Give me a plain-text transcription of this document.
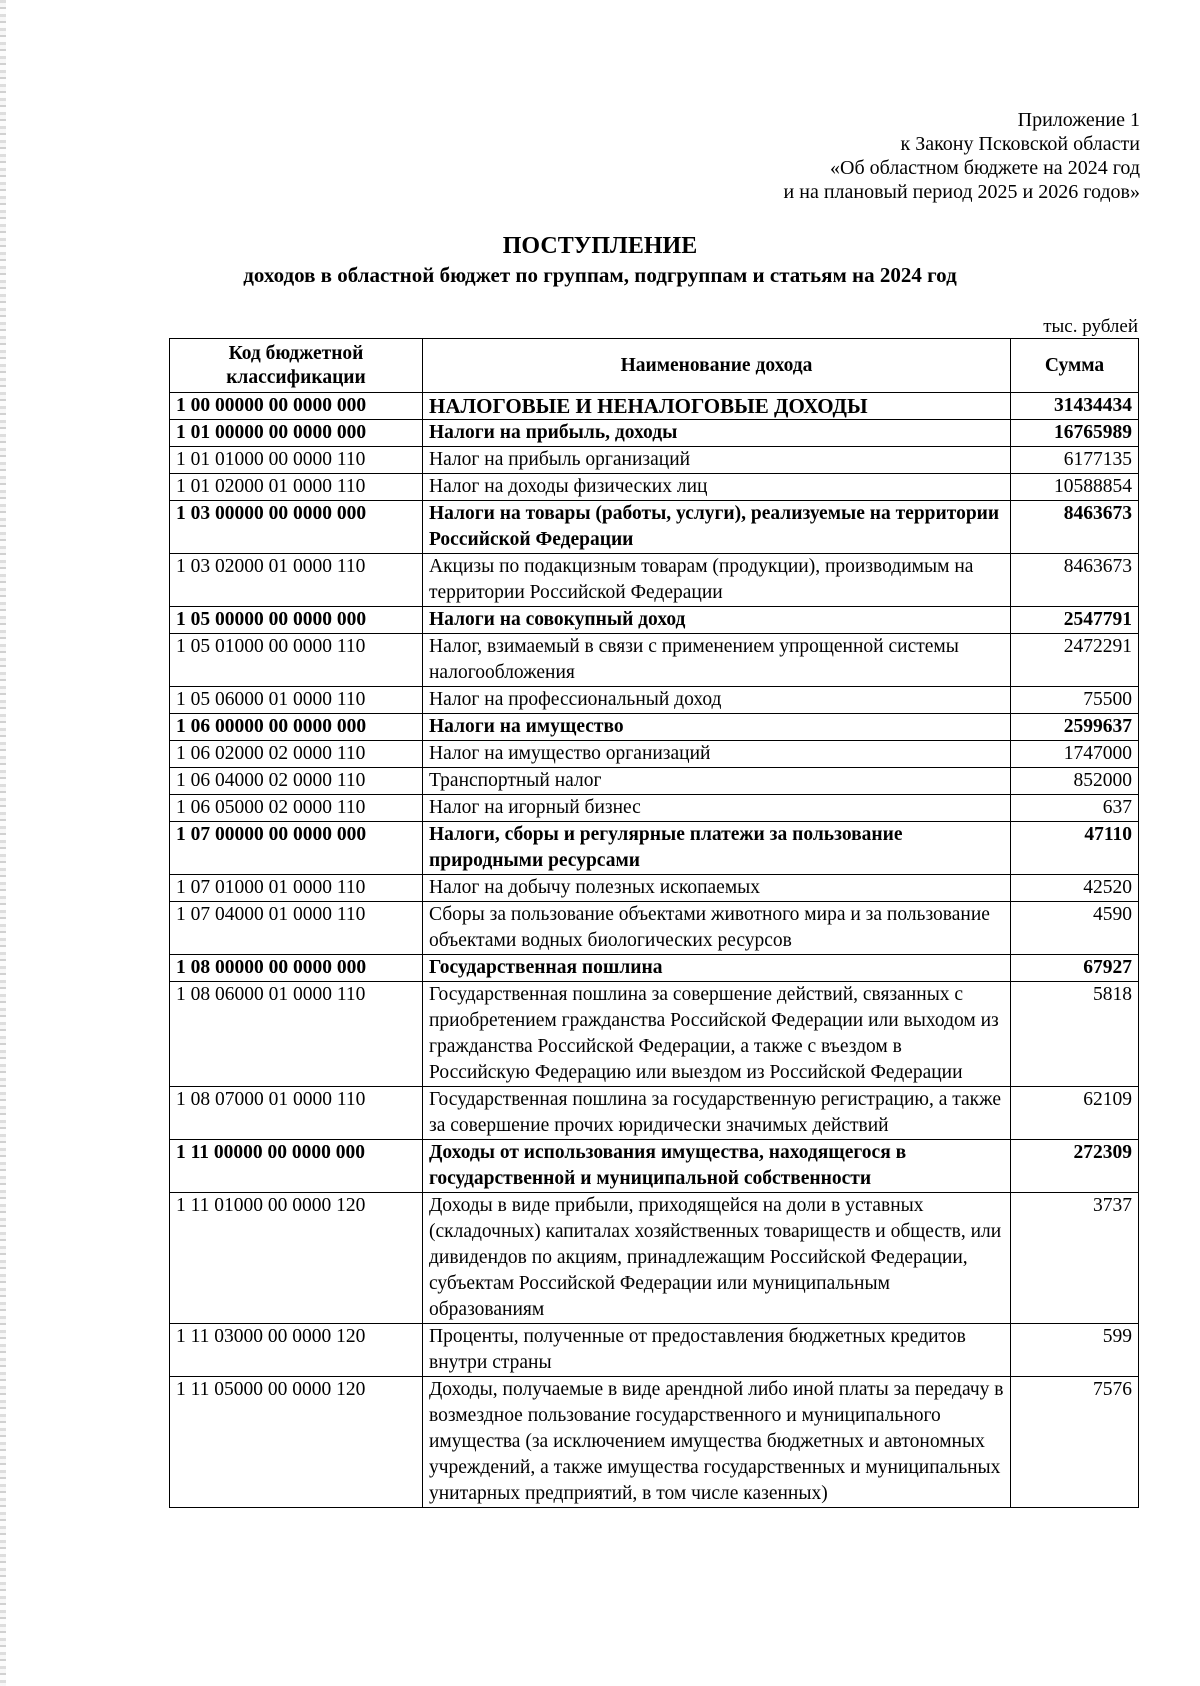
Приложение 1
к Закону Псковской области
«Об областном бюджете на 2024 год
и на плановый период 2025 и 2026 годов»
ПОСТУПЛЕНИЕ
доходов в областной бюджет по группам, подгруппам и статьям на 2024 год
тыс. рублей
Код бюджетной классификации	Наименование дохода	Сумма
1 00 00000 00 0000 000	НАЛОГОВЫЕ И НЕНАЛОГОВЫЕ ДОХОДЫ	31434434
1 01 00000 00 0000 000	Налоги на прибыль, доходы	16765989
1 01 01000 00 0000 110	Налог на прибыль организаций	6177135
1 01 02000 01 0000 110	Налог на доходы физических лиц	10588854
1 03 00000 00 0000 000	Налоги на товары (работы, услуги), реализуемые на территории Российской Федерации	8463673
1 03 02000 01 0000 110	Акцизы по подакцизным товарам (продукции), производимым на территории Российской Федерации	8463673
1 05 00000 00 0000 000	Налоги на совокупный доход	2547791
1 05 01000 00 0000 110	Налог, взимаемый в связи с применением упрощенной системы налогообложения	2472291
1 05 06000 01 0000 110	Налог на профессиональный доход	75500
1 06 00000 00 0000 000	Налоги на имущество	2599637
1 06 02000 02 0000 110	Налог на имущество организаций	1747000
1 06 04000 02 0000 110	Транспортный налог	852000
1 06 05000 02 0000 110	Налог на игорный бизнес	637
1 07 00000 00 0000 000	Налоги, сборы и регулярные платежи за пользование природными ресурсами	47110
1 07 01000 01 0000 110	Налог на добычу полезных ископаемых	42520
1 07 04000 01 0000 110	Сборы за пользование объектами животного мира и за пользование объектами водных биологических ресурсов	4590
1 08 00000 00 0000 000	Государственная пошлина	67927
1 08 06000 01 0000 110	Государственная пошлина за совершение действий, связанных с приобретением гражданства Российской Федерации или выходом из гражданства Российской Федерации, а также с въездом в Российскую Федерацию или выездом из Российской Федерации	5818
1 08 07000 01 0000 110	Государственная пошлина за государственную регистрацию, а также за совершение прочих юридически значимых действий	62109
1 11 00000 00 0000 000	Доходы от использования имущества, находящегося в государственной и муниципальной собственности	272309
1 11 01000 00 0000 120	Доходы в виде прибыли, приходящейся на доли в уставных (складочных) капиталах хозяйственных товариществ и обществ, или дивидендов по акциям, принадлежащим Российской Федерации, субъектам Российской Федерации или муниципальным образованиям	3737
1 11 03000 00 0000 120	Проценты, полученные от предоставления бюджетных кредитов внутри страны	599
1 11 05000 00 0000 120	Доходы, получаемые в виде арендной либо иной платы за передачу в возмездное пользование государственного и муниципального имущества (за исключением имущества бюджетных и автономных учреждений, а также имущества государственных и муниципальных унитарных предприятий, в том числе казенных)	7576
